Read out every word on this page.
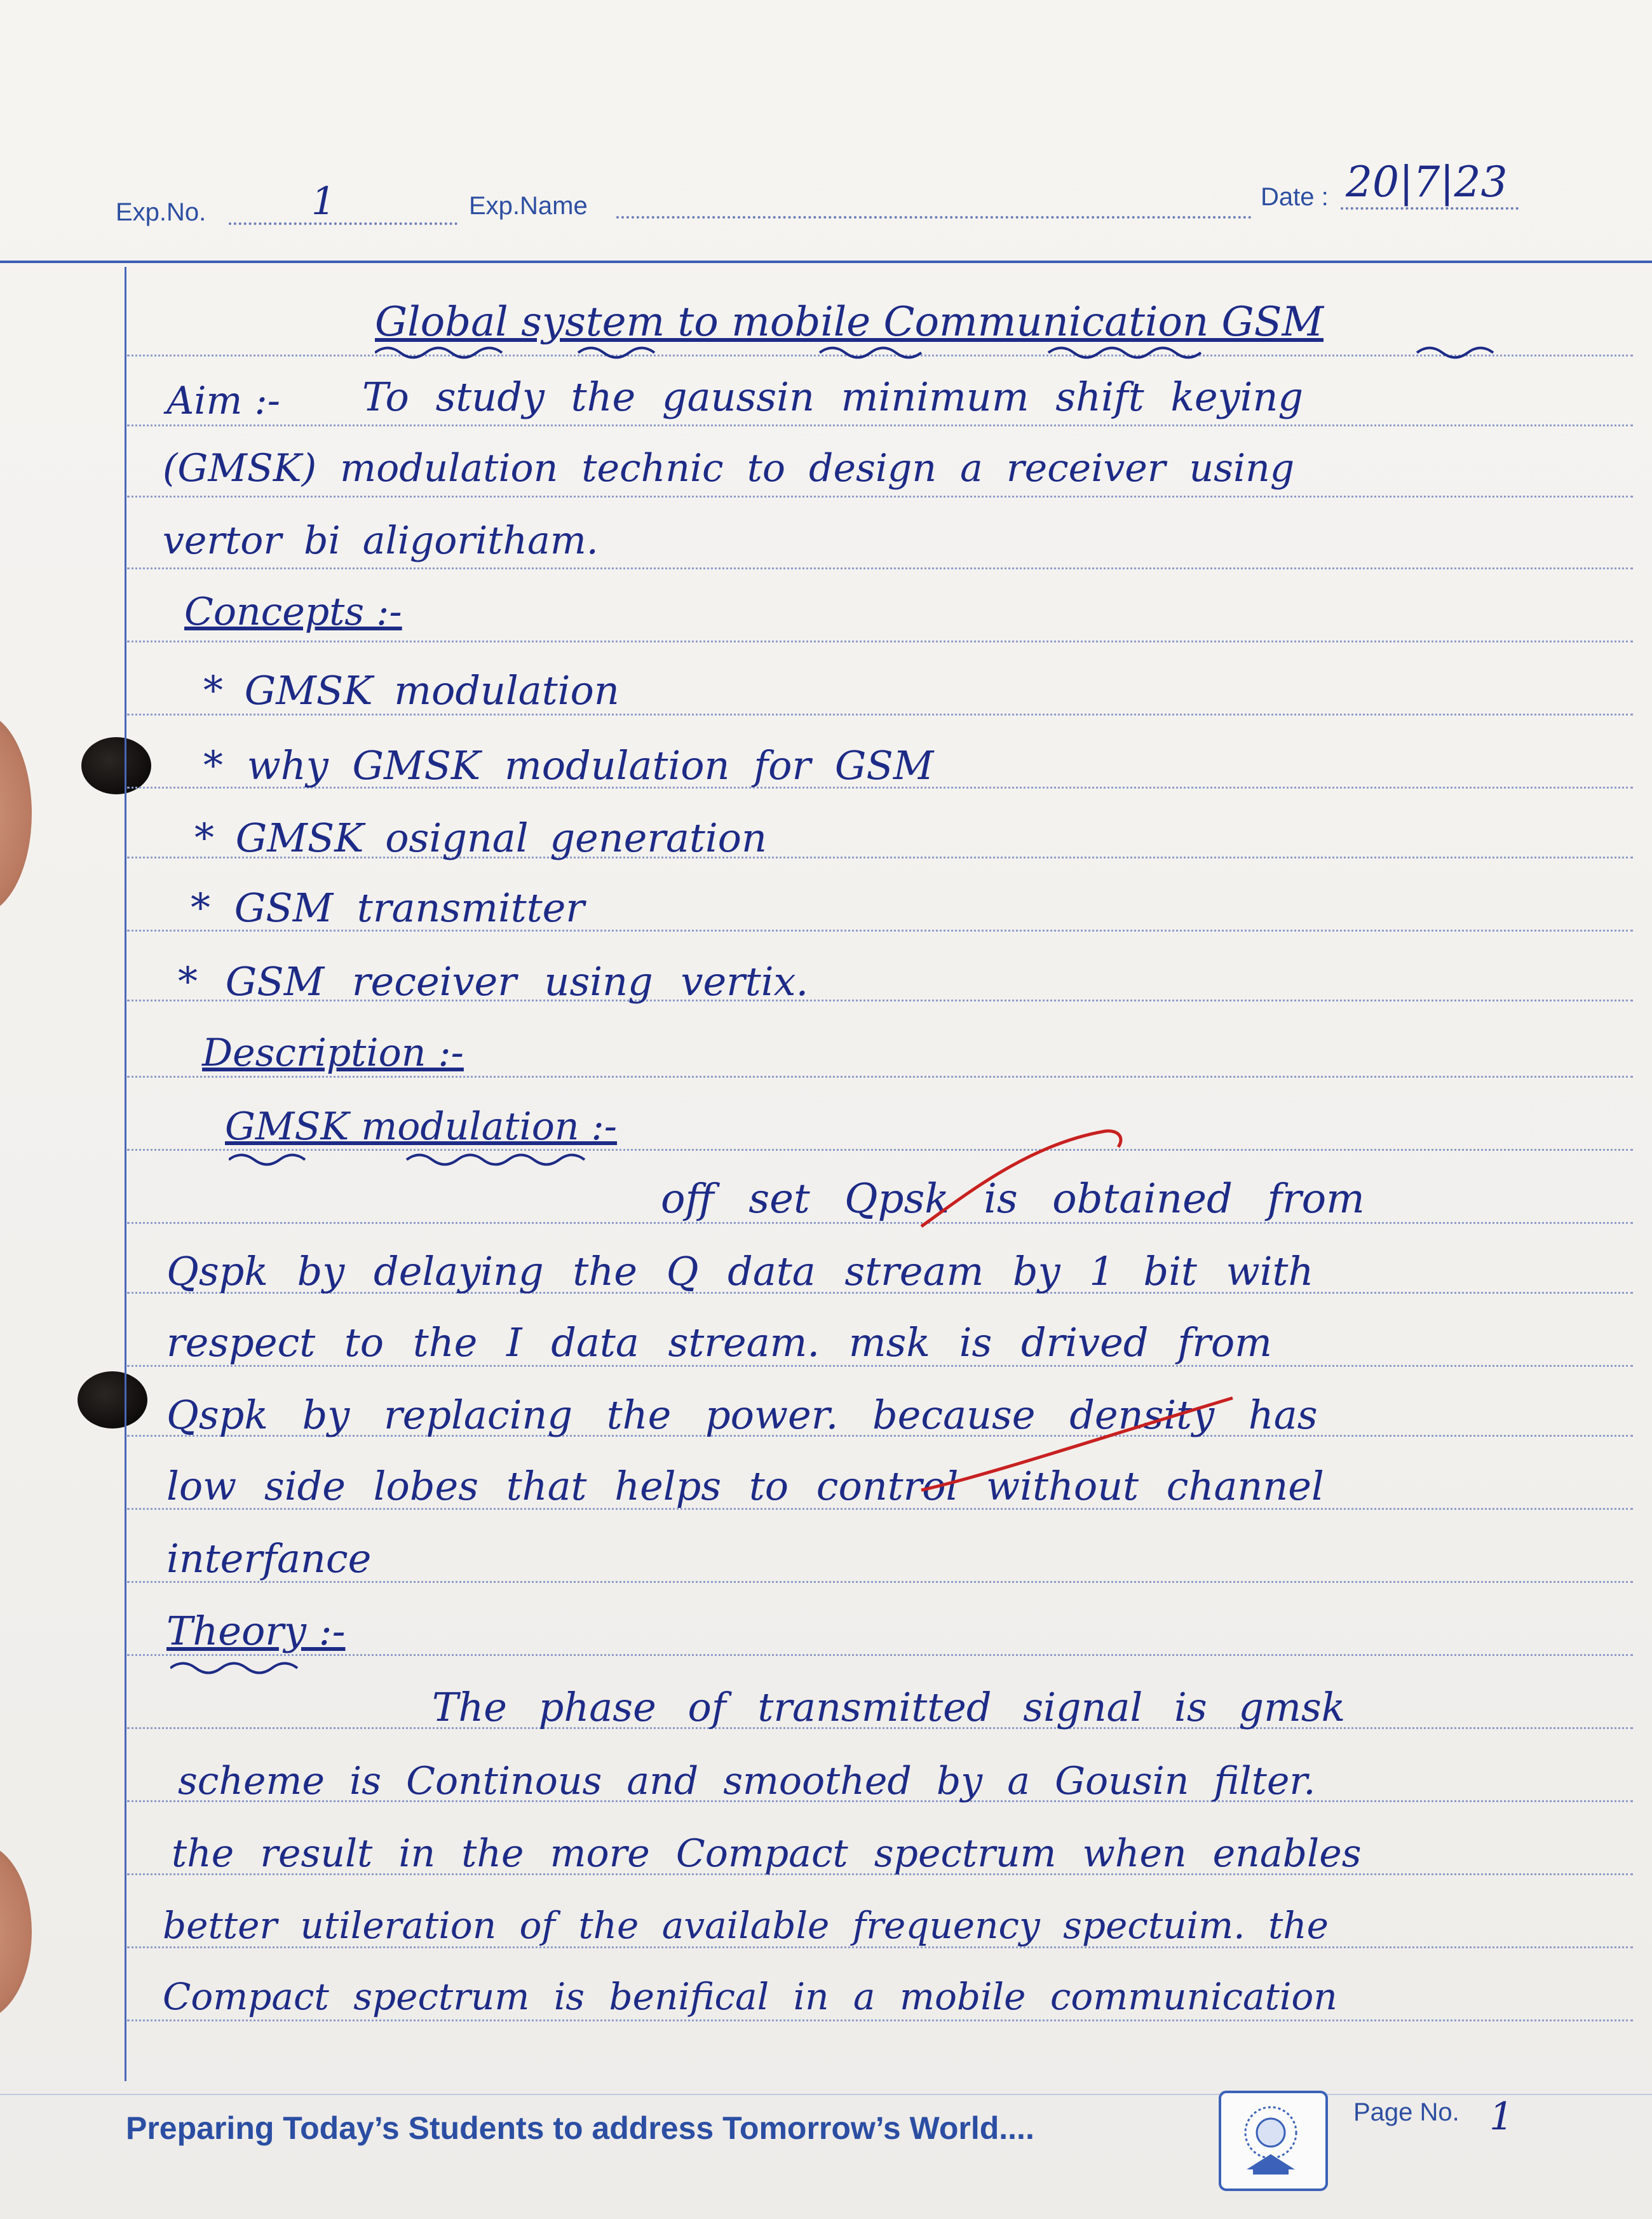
Exp.No.	1	Exp.Name	Date : 20|7|23
Global system to mobile Communication GSM
Aim :- To study the gaussin minimum shift keying
(GMSK) modulation technic to design a receiver using
vertor bi aligoritham.
Concepts :-
* GMSK modulation
* why GMSK modulation for GSM
* GMSK osignal generation
* GSM transmitter
* GSM receiver using vertix.
Description :-
GMSK modulation :-
off set Qpsk is obtained from
Qspk by delaying the Q data stream by 1 bit with
respect to the I data stream. msk is drived from
Qspk by replacing the power. because density has
low side lobes that helps to control without channel
interfance
Theory :-
The phase of transmitted signal is gmsk
scheme is Continous and smoothed by a Gousin filter.
the result in the more Compact spectrum when enables
better utileration of the available frequency spectuim. the
Compact spectrum is benifical in a mobile communication
Preparing Today’s Students to address Tomorrow’s World....	Page No. 1
